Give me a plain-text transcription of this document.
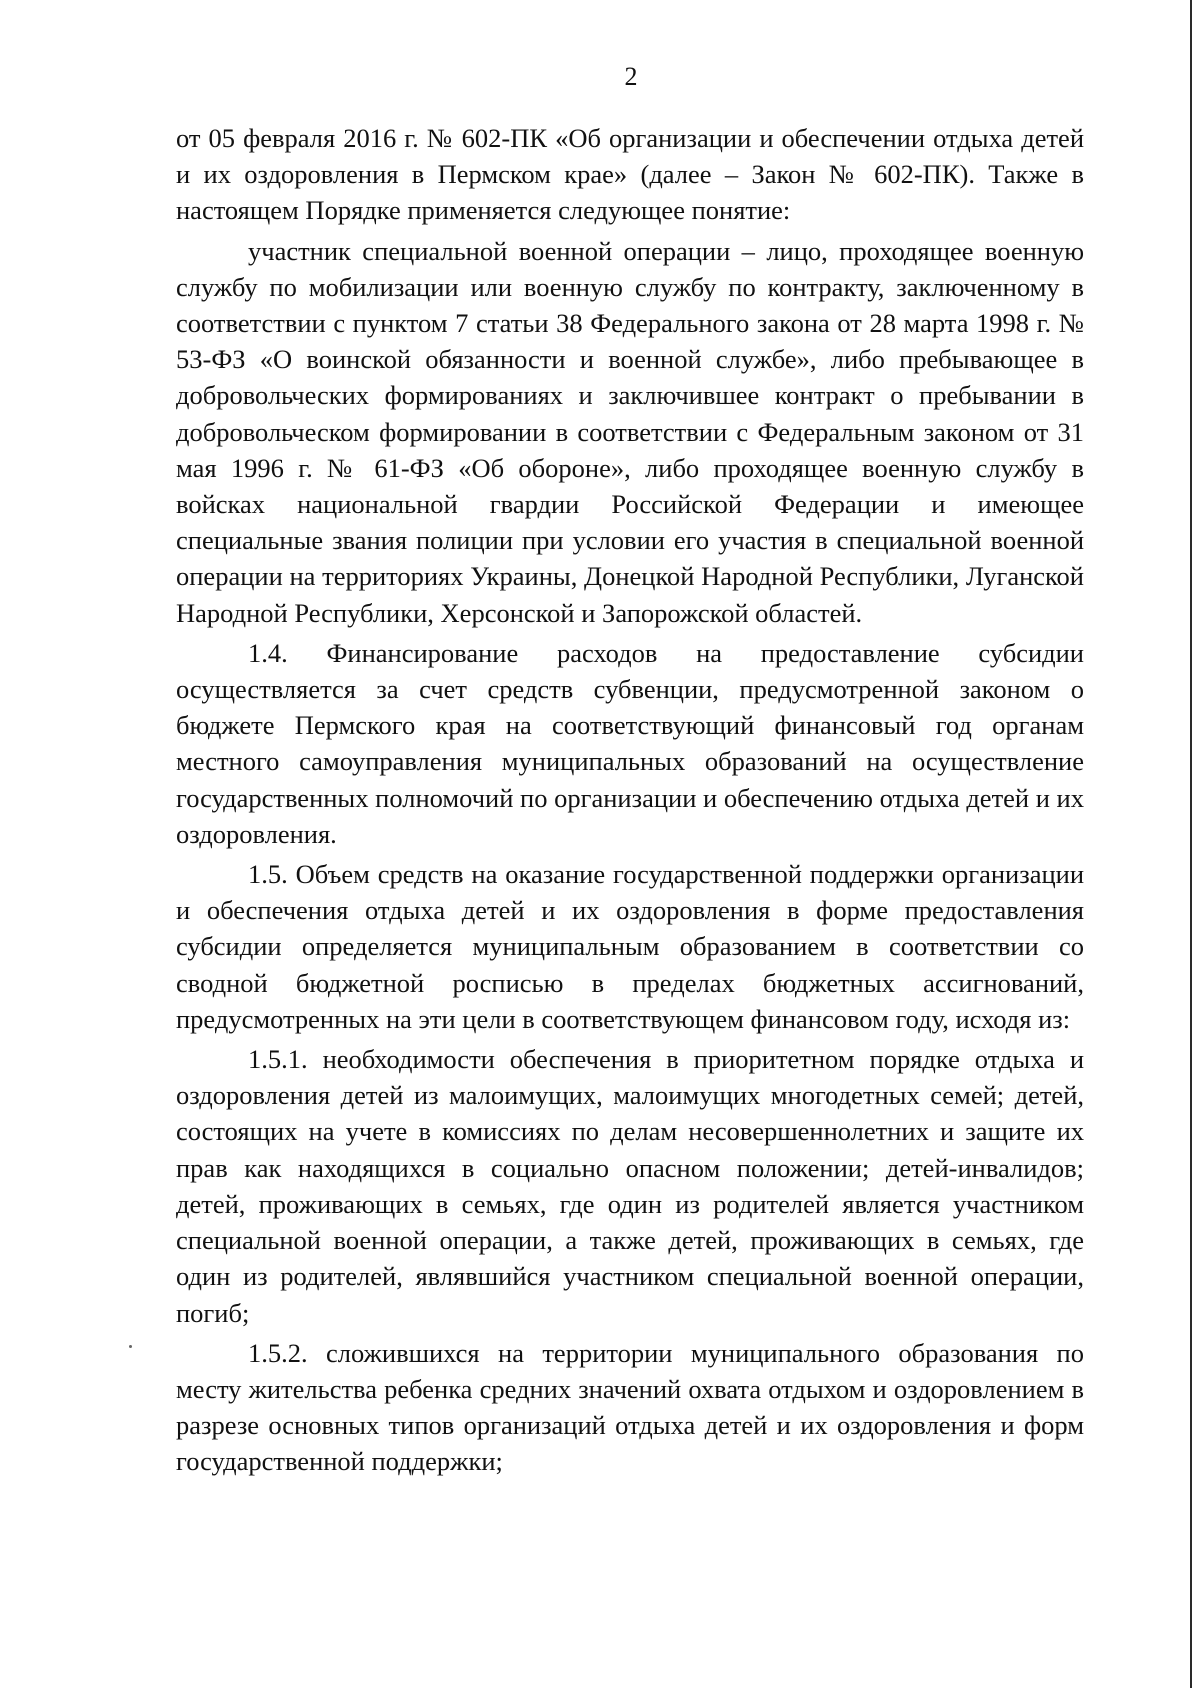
2

от 05 февраля 2016 г. № 602-ПК «Об организации и обеспечении отдыха детей и их оздоровления в Пермском крае» (далее – Закон № 602-ПК). Также в настоящем Порядке применяется следующее понятие:

участник специальной военной операции – лицо, проходящее военную службу по мобилизации или военную службу по контракту, заключенному в соответствии с пунктом 7 статьи 38 Федерального закона от 28 марта 1998 г. № 53-ФЗ «О воинской обязанности и военной службе», либо пребывающее в добровольческих формированиях и заключившее контракт о пребывании в добровольческом формировании в соответствии с Федеральным законом от 31 мая 1996 г. № 61-ФЗ «Об обороне», либо проходящее военную службу в войсках национальной гвардии Российской Федерации и имеющее специальные звания полиции при условии его участия в специальной военной операции на территориях Украины, Донецкой Народной Республики, Луганской Народной Республики, Херсонской и Запорожской областей.

1.4. Финансирование расходов на предоставление субсидии осуществляется за счет средств субвенции, предусмотренной законом о бюджете Пермского края на соответствующий финансовый год органам местного самоуправления муниципальных образований на осуществление государственных полномочий по организации и обеспечению отдыха детей и их оздоровления.

1.5. Объем средств на оказание государственной поддержки организации и обеспечения отдыха детей и их оздоровления в форме предоставления субсидии определяется муниципальным образованием в соответствии со сводной бюджетной росписью в пределах бюджетных ассигнований, предусмотренных на эти цели в соответствующем финансовом году, исходя из:

1.5.1. необходимости обеспечения в приоритетном порядке отдыха и оздоровления детей из малоимущих, малоимущих многодетных семей; детей, состоящих на учете в комиссиях по делам несовершеннолетних и защите их прав как находящихся в социально опасном положении; детей-инвалидов; детей, проживающих в семьях, где один из родителей является участником специальной военной операции, а также детей, проживающих в семьях, где один из родителей, являвшийся участником специальной военной операции, погиб;

1.5.2. сложившихся на территории муниципального образования по месту жительства ребенка средних значений охвата отдыхом и оздоровлением в разрезе основных типов организаций отдыха детей и их оздоровления и форм государственной поддержки;
